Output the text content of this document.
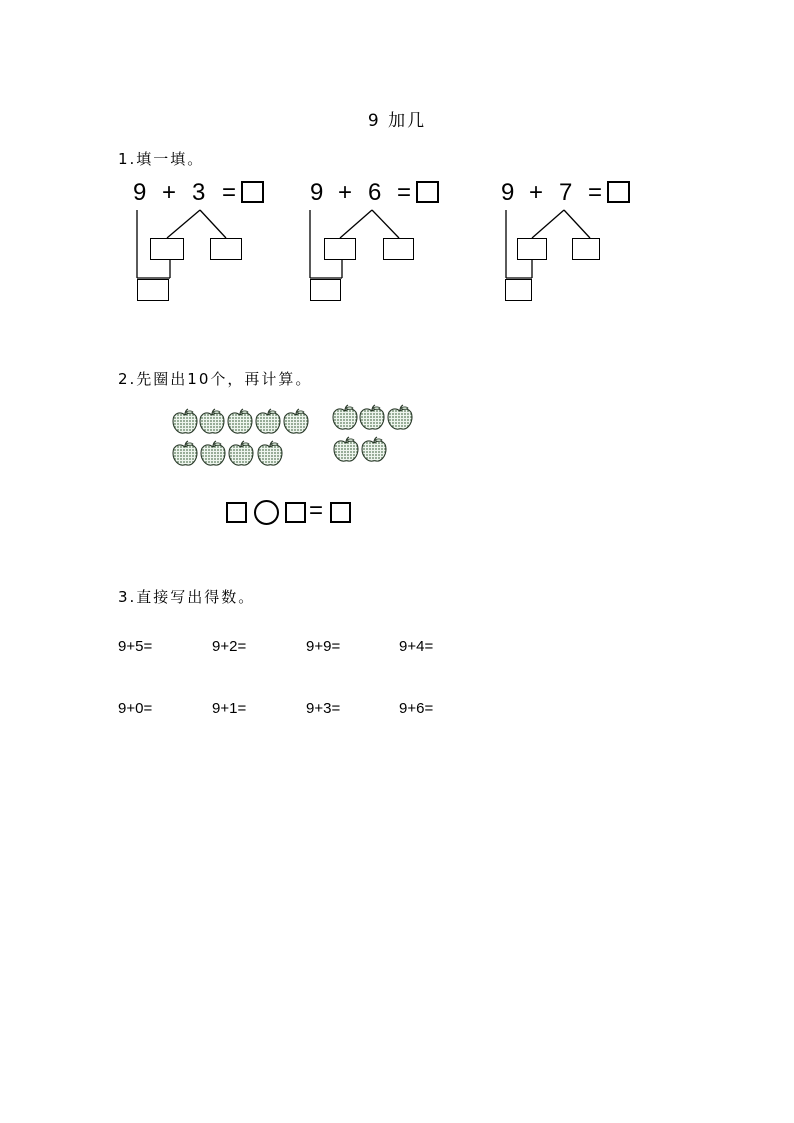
9 加几
1.填一填。
9 + 3 =	9 + 6 =	9 + 7 =
2.先圈出10个，再计算。
=
3.直接写出得数。
9+5=	9+2=	9+9=	9+4=
9+0=	9+1=	9+3=	9+6=
